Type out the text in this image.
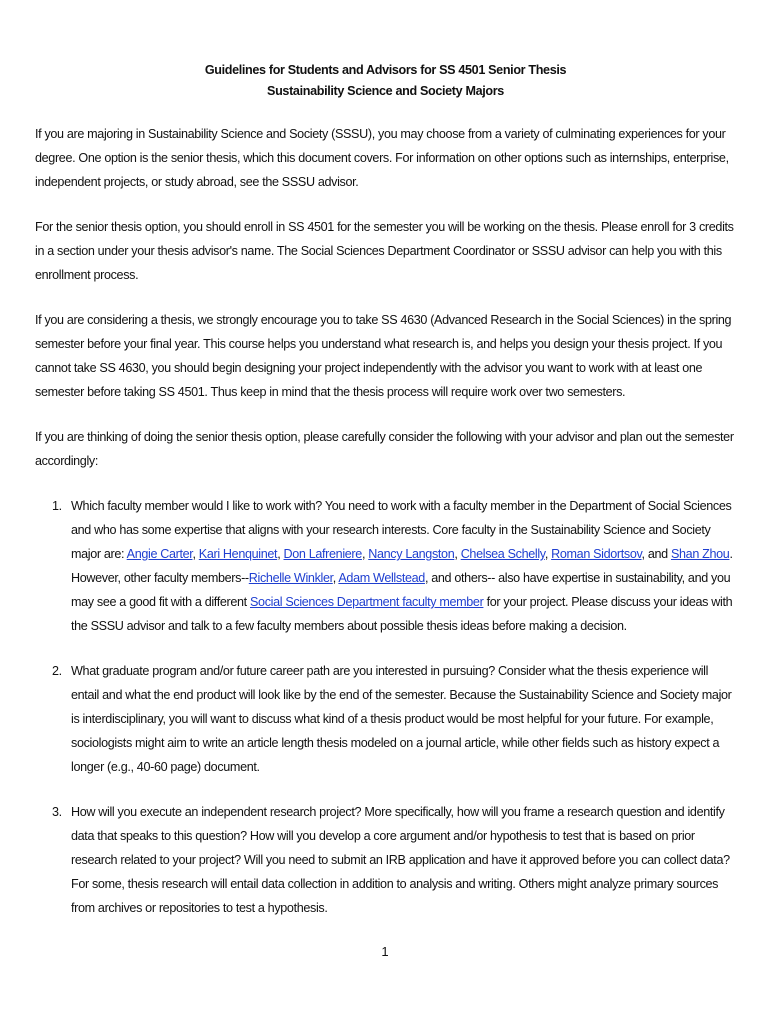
Guidelines for Students and Advisors for SS 4501 Senior Thesis
Sustainability Science and Society Majors

If you are majoring in Sustainability Science and Society (SSSU), you may choose from a variety of culminating experiences for your degree. One option is the senior thesis, which this document covers. For information on other options such as internships, enterprise, independent projects, or study abroad, see the SSSU advisor.

For the senior thesis option, you should enroll in SS 4501 for the semester you will be working on the thesis. Please enroll for 3 credits in a section under your thesis advisor's name. The Social Sciences Department Coordinator or SSSU advisor can help you with this enrollment process.

If you are considering a thesis, we strongly encourage you to take SS 4630 (Advanced Research in the Social Sciences) in the spring semester before your final year. This course helps you understand what research is, and helps you design your thesis project. If you cannot take SS 4630, you should begin designing your project independently with the advisor you want to work with at least one semester before taking SS 4501. Thus keep in mind that the thesis process will require work over two semesters.

If you are thinking of doing the senior thesis option, please carefully consider the following with your advisor and plan out the semester accordingly:

1. Which faculty member would I like to work with? You need to work with a faculty member in the Department of Social Sciences and who has some expertise that aligns with your research interests. Core faculty in the Sustainability Science and Society major are: Angie Carter, Kari Henquinet, Don Lafreniere, Nancy Langston, Chelsea Schelly, Roman Sidortsov, and Shan Zhou. However, other faculty members--Richelle Winkler, Adam Wellstead, and others-- also have expertise in sustainability, and you may see a good fit with a different Social Sciences Department faculty member for your project. Please discuss your ideas with the SSSU advisor and talk to a few faculty members about possible thesis ideas before making a decision.
2. What graduate program and/or future career path are you interested in pursuing? Consider what the thesis experience will entail and what the end product will look like by the end of the semester. Because the Sustainability Science and Society major is interdisciplinary, you will want to discuss what kind of a thesis product would be most helpful for your future. For example, sociologists might aim to write an article length thesis modeled on a journal article, while other fields such as history expect a longer (e.g., 40-60 page) document.
3. How will you execute an independent research project? More specifically, how will you frame a research question and identify data that speaks to this question? How will you develop a core argument and/or hypothesis to test that is based on prior research related to your project? Will you need to submit an IRB application and have it approved before you can collect data? For some, thesis research will entail data collection in addition to analysis and writing. Others might analyze primary sources from archives or repositories to test a hypothesis.
1
